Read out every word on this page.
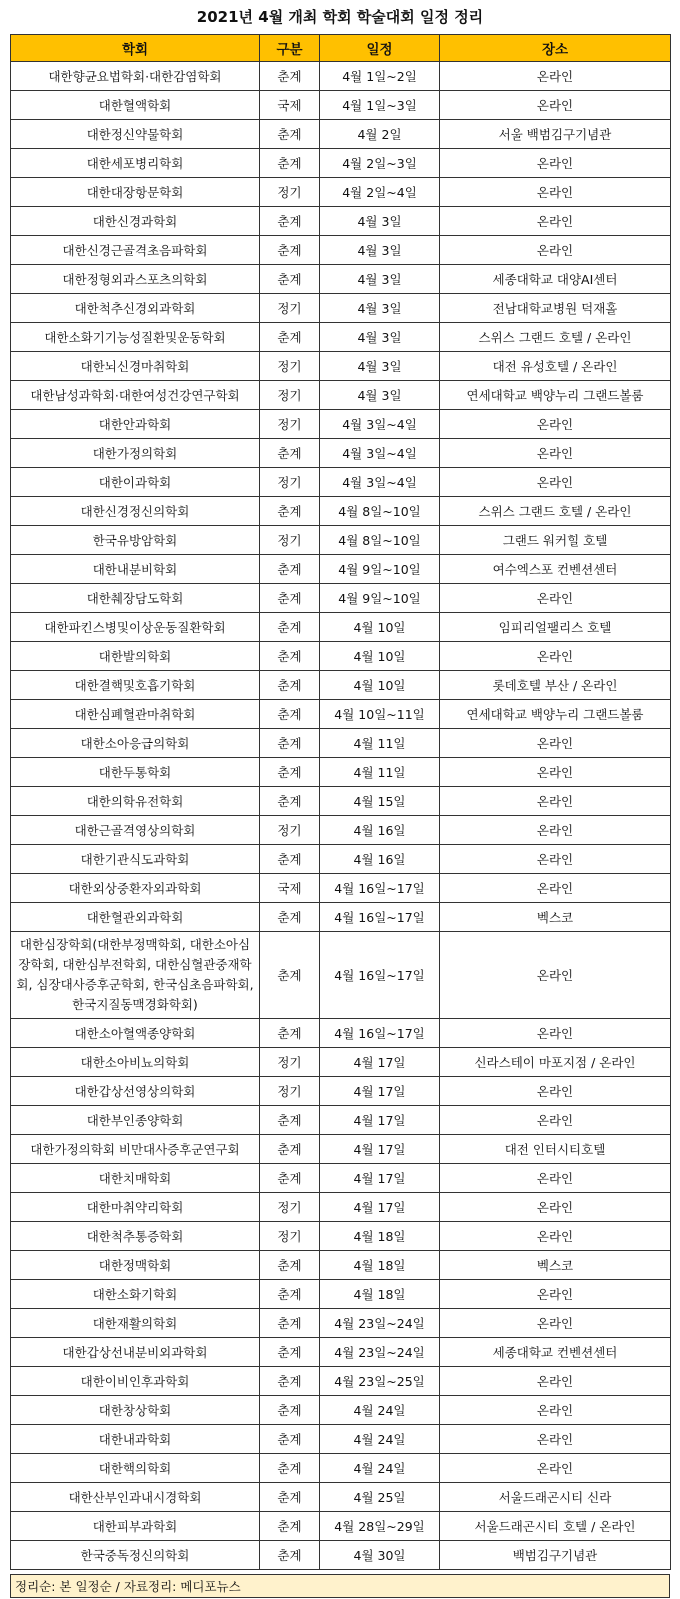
2021년 4월 개최 학회 학술대회 일정 정리
학회	구분	일정	장소
대한향균요법학회·대한감염학회	춘계	4월 1일~2일	온라인
대한혈액학회	국제	4월 1일~3일	온라인
대한정신약물학회	춘계	4월 2일	서울 백범김구기념관
대한세포병리학회	춘계	4월 2일~3일	온라인
대한대장항문학회	정기	4월 2일~4일	온라인
대한신경과학회	춘계	4월 3일	온라인
대한신경근골격초음파학회	춘계	4월 3일	온라인
대한정형외과스포츠의학회	춘계	4월 3일	세종대학교 대양AI센터
대한척추신경외과학회	정기	4월 3일	전남대학교병원 덕재홀
대한소화기기능성질환및운동학회	춘계	4월 3일	스위스 그랜드 호텔 / 온라인
대한뇌신경마취학회	정기	4월 3일	대전 유성호텔 / 온라인
대한남성과학회·대한여성건강연구학회	정기	4월 3일	연세대학교 백양누리 그랜드볼룸
대한안과학회	정기	4월 3일~4일	온라인
대한가정의학회	춘계	4월 3일~4일	온라인
대한이과학회	정기	4월 3일~4일	온라인
대한신경정신의학회	춘계	4월 8일~10일	스위스 그랜드 호텔 / 온라인
한국유방암학회	정기	4월 8일~10일	그랜드 워커힐 호텔
대한내분비학회	춘계	4월 9일~10일	여수엑스포 컨벤션센터
대한췌장담도학회	춘계	4월 9일~10일	온라인
대한파킨스병및이상운동질환학회	춘계	4월 10일	임피리얼팰리스 호텔
대한발의학회	춘계	4월 10일	온라인
대한결핵및호흡기학회	춘계	4월 10일	롯데호텔 부산 / 온라인
대한심폐혈관마취학회	춘계	4월 10일~11일	연세대학교 백양누리 그랜드볼룸
대한소아응급의학회	춘계	4월 11일	온라인
대한두통학회	춘계	4월 11일	온라인
대한의학유전학회	춘계	4월 15일	온라인
대한근골격영상의학회	정기	4월 16일	온라인
대한기관식도과학회	춘계	4월 16일	온라인
대한외상중환자외과학회	국제	4월 16일~17일	온라인
대한혈관외과학회	춘계	4월 16일~17일	벡스코
대한심장학회(대한부정맥학회, 대한소아심장학회, 대한심부전학회, 대한심혈관중재학회, 심장대사증후군학회, 한국심초음파학회, 한국지질동맥경화학회)	춘계	4월 16일~17일	온라인
대한소아혈액종양학회	춘계	4월 16일~17일	온라인
대한소아비뇨의학회	정기	4월 17일	신라스테이 마포지점 / 온라인
대한갑상선영상의학회	정기	4월 17일	온라인
대한부인종양학회	춘계	4월 17일	온라인
대한가정의학회 비만대사증후군연구회	춘계	4월 17일	대전 인터시티호텔
대한치매학회	춘계	4월 17일	온라인
대한마취약리학회	정기	4월 17일	온라인
대한척추통증학회	정기	4월 18일	온라인
대한정맥학회	춘계	4월 18일	벡스코
대한소화기학회	춘계	4월 18일	온라인
대한재활의학회	춘계	4월 23일~24일	온라인
대한갑상선내분비외과학회	춘계	4월 23일~24일	세종대학교 컨벤션센터
대한이비인후과학회	춘계	4월 23일~25일	온라인
대한창상학회	춘계	4월 24일	온라인
대한내과학회	춘계	4월 24일	온라인
대한핵의학회	춘계	4월 24일	온라인
대한산부인과내시경학회	춘계	4월 25일	서울드래곤시티 신라
대한피부과학회	춘계	4월 28일~29일	서울드래곤시티 호텔 / 온라인
한국중독정신의학회	춘계	4월 30일	백범김구기념관
정리순: 본 일정순 / 자료정리: 메디포뉴스
